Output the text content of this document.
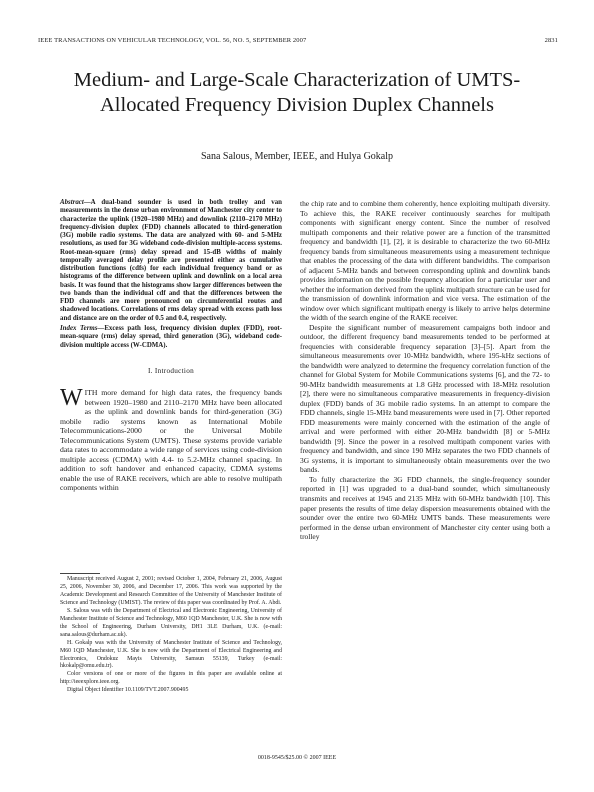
IEEE TRANSACTIONS ON VEHICULAR TECHNOLOGY, VOL. 56, NO. 5, SEPTEMBER 2007	2831
Medium- and Large-Scale Characterization of UMTS-Allocated Frequency Division Duplex Channels
Sana Salous, Member, IEEE, and Hulya Gokalp
Abstract—A dual-band sounder is used in both trolley and van measurements in the dense urban environment of Manchester city center to characterize the uplink (1920–1980 MHz) and downlink (2110–2170 MHz) frequency-division duplex (FDD) channels allocated to third-generation (3G) mobile radio systems. The data are analyzed with 60- and 5-MHz resolutions, as used for 3G wideband code-division multiple-access systems. Root-mean-square (rms) delay spread and 15-dB widths of mainly temporally averaged delay profile are presented either as cumulative distribution functions (cdfs) for each individual frequency band or as histograms of the difference between uplink and downlink on a local area basis. It was found that the histograms show larger differences between the two bands than the individual cdf and that the differences between the FDD channels are more pronounced on circumferential routes and shadowed locations. Correlations of rms delay spread with excess path loss and distance are on the order of 0.5 and 0.4, respectively.
Index Terms—Excess path loss, frequency division duplex (FDD), root-mean-square (rms) delay spread, third generation (3G), wideband code-division multiple access (W-CDMA).
I. Introduction
WITH more demand for high data rates, the frequency bands between 1920–1980 and 2110–2170 MHz have been allocated as the uplink and downlink bands for third-generation (3G) mobile radio systems known as International Mobile Telecommunications-2000 or the Universal Mobile Telecommunications System (UMTS). These systems provide variable data rates to accommodate a wide range of services using code-division multiple access (CDMA) with 4.4- to 5.2-MHz channel spacing. In addition to soft handover and enhanced capacity, CDMA systems enable the use of RAKE receivers, which are able to resolve multipath components within

Manuscript received August 2, 2001; revised October 1, 2004, February 21, 2006, August 25, 2006, November 30, 2006, and December 17, 2006. This work was supported by the Academic Development and Research Committee of the University of Manchester Institute of Science and Technology (UMIST). The review of this paper was coordinated by Prof. A. Abdi.

S. Salous was with the Department of Electrical and Electronic Engineering, University of Manchester Institute of Science and Technology, M60 1QD Manchester, U.K. She is now with the School of Engineering, Durham University, DH1 3LE Durham, U.K. (e-mail: sana.salous@durham.ac.uk).

H. Gokalp was with the University of Manchester Institute of Science and Technology, M60 1QD Manchester, U.K. She is now with the Department of Electrical Engineering and Electronics, Ondokuz Mayis University, Samsun 55139, Turkey (e-mail: hkokalp@omu.edu.tr).

Color versions of one or more of the figures in this paper are available online at http://ieeexplore.ieee.org.

Digital Object Identifier 10.1109/TVT.2007.900495

the chip rate and to combine them coherently, hence exploiting multipath diversity. To achieve this, the RAKE receiver continuously searches for multipath components with significant energy content. Since the number of resolved multipath components and their relative power are a function of the transmitted frequency and bandwidth [1], [2], it is desirable to characterize the two 60-MHz frequency bands from simultaneous measurements using a measurement technique that enables the processing of the data with different bandwidths. The comparison of adjacent 5-MHz bands and between corresponding uplink and downlink bands provides information on the possible frequency allocation for a particular user and whether the information derived from the uplink multipath structure can be used for the transmission of downlink information and vice versa. The estimation of the window over which significant multipath energy is likely to arrive helps determine the width of the search engine of the RAKE receiver.

Despite the significant number of measurement campaigns both indoor and outdoor, the different frequency band measurements tended to be performed at frequencies with considerable frequency separation [3]–[5]. Apart from the simultaneous measurements over 10-MHz bandwidth, where 195-kHz sections of the bandwidth were analyzed to determine the frequency correlation function of the channel for Global System for Mobile Communications systems [6], and the 72- to 90-MHz bandwidth measurements at 1.8 GHz processed with 18-MHz resolution [2], there were no simultaneous comparative measurements in frequency-division duplex (FDD) bands of 3G mobile radio systems. In an attempt to compare the FDD channels, single 15-MHz band measurements were used in [7]. Other reported FDD measurements were mainly concerned with the estimation of the angle of arrival and were performed with either 20-MHz bandwidth [8] or 5-MHz bandwidth [9]. Since the power in a resolved multipath component varies with frequency and bandwidth, and since 190 MHz separates the two FDD channels of 3G systems, it is important to simultaneously obtain measurements over the two bands.

To fully characterize the 3G FDD channels, the single-frequency sounder reported in [1] was upgraded to a dual-band sounder, which simultaneously transmits and receives at 1945 and 2135 MHz with 60-MHz bandwidth [10]. This paper presents the results of time delay dispersion measurements obtained with the sounder over the entire two 60-MHz UMTS bands. These measurements were performed in the dense urban environment of Manchester city center using both a trolley

0018-9545/$25.00 © 2007 IEEE
